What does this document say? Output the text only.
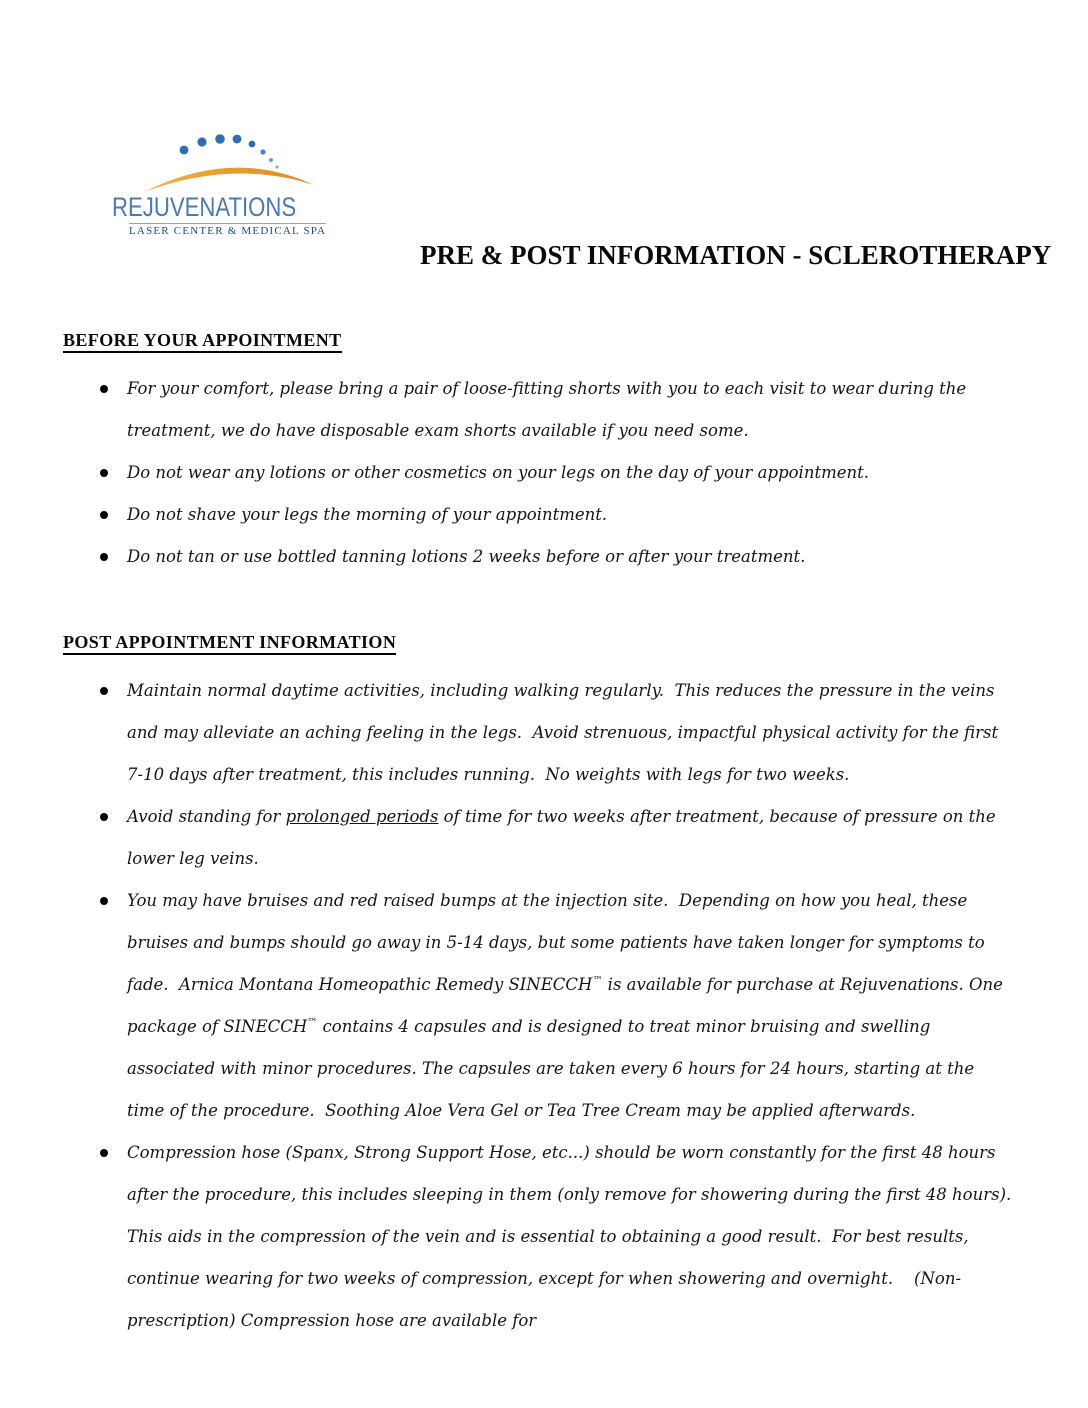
REJUVENATIONS
LASER CENTER & MEDICAL SPA
PRE & POST INFORMATION - SCLEROTHERAPY
BEFORE YOUR APPOINTMENT
For your comfort, please bring a pair of loose-fitting shorts with you to each visit to wear during the treatment, we do have disposable exam shorts available if you need some.
Do not wear any lotions or other cosmetics on your legs on the day of your appointment.
Do not shave your legs the morning of your appointment.
Do not tan or use bottled tanning lotions 2 weeks before or after your treatment.
POST APPOINTMENT INFORMATION
Maintain normal daytime activities, including walking regularly.  This reduces the pressure in the veins and may alleviate an aching feeling in the legs.  Avoid strenuous, impactful physical activity for the first 7-10 days after treatment, this includes running.  No weights with legs for two weeks.
Avoid standing for prolonged periods of time for two weeks after treatment, because of pressure on the lower leg veins.
You may have bruises and red raised bumps at the injection site.  Depending on how you heal, these bruises and bumps should go away in 5-14 days, but some patients have taken longer for symptoms to fade.  Arnica Montana Homeopathic Remedy SINECCH™ is available for purchase at Rejuvenations. One package of SINECCH™ contains 4 capsules and is designed to treat minor bruising and swelling associated with minor procedures. The capsules are taken every 6 hours for 24 hours, starting at the time of the procedure.  Soothing Aloe Vera Gel or Tea Tree Cream may be applied afterwards.
Compression hose (Spanx, Strong Support Hose, etc...) should be worn constantly for the first 48 hours after the procedure, this includes sleeping in them (only remove for showering during the first 48 hours). This aids in the compression of the vein and is essential to obtaining a good result.  For best results, continue wearing for two weeks of compression, except for when showering and overnight.    (Non-prescription) Compression hose are available for
